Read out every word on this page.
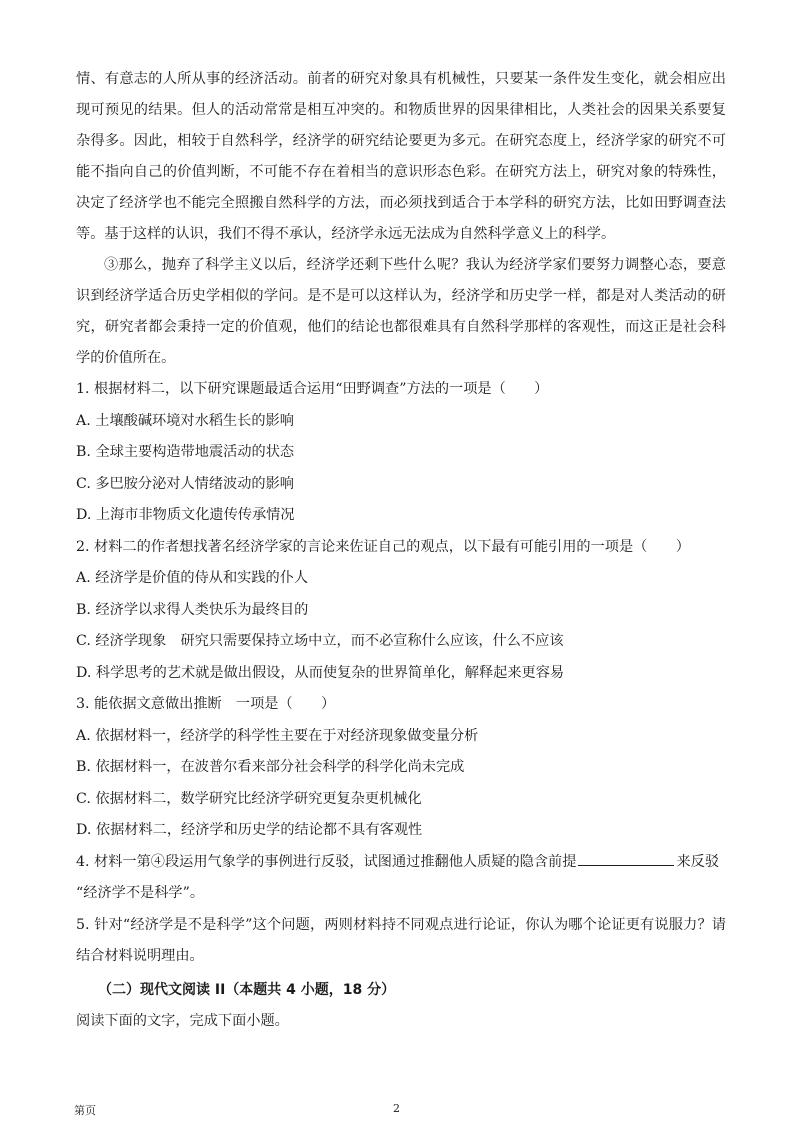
情、有意志的人所从事的经济活动。前者的研究对象具有机械性，只要某一条件发生变化，就会相应出现可预见的结果。但人的活动常常是相互冲突的。和物质世界的因果律相比，人类社会的因果关系要复杂得多。因此，相较于自然科学，经济学的研究结论要更为多元。在研究态度上，经济学家的研究不可能不指向自己的价值判断，不可能不存在着相当的意识形态色彩。在研究方法上，研究对象的特殊性，决定了经济学也不能完全照搬自然科学的方法，而必须找到适合于本学科的研究方法，比如田野调查法等。基于这样的认识，我们不得不承认，经济学永远无法成为自然科学意义上的科学。

③那么，抛弃了科学主义以后，经济学还剩下些什么呢？我认为经济学家们要努力调整心态，要意识到经济学适合历史学相似的学问。是不是可以这样认为，经济学和历史学一样，都是对人类活动的研究，研究者都会秉持一定的价值观，他们的结论也都很难具有自然科学那样的客观性，而这正是社会科学的价值所在。

1. 根据材料二，以下研究课题最适合运用“田野调查”方法的一项是（　　）

A. 土壤酸碱环境对水稻生长的影响

B. 全球主要构造带地震活动的状态

C. 多巴胺分泌对人情绪波动的影响

D. 上海市非物质文化遗传传承情况

2. 材料二的作者想找著名经济学家的言论来佐证自己的观点，以下最有可能引用的一项是（　　）

A. 经济学是价值的侍从和实践的仆人

B. 经济学以求得人类快乐为最终目的

C. 经济学现象　研究只需要保持立场中立，而不必宣称什么应该，什么不应该

D. 科学思考的艺术就是做出假设，从而使复杂的世界简单化，解释起来更容易

3. 能依据文意做出推断　一项是（　　）

A. 依据材料一，经济学的科学性主要在于对经济现象做变量分析

B. 依据材料一，在波普尔看来部分社会科学的科学化尚未完成

C. 依据材料二，数学研究比经济学研究更复杂更机械化

D. 依据材料二，经济学和历史学的结论都不具有客观性

4. 材料一第④段运用气象学的事例进行反驳，试图通过推翻他人质疑的隐含前提	来反驳

“经济学不是科学”。

5. 针对“经济学是不是科学”这个问题，两则材料持不同观点进行论证，你认为哪个论证更有说服力？请结合材料说明理由。

（二）现代文阅读 II（本题共 4 小题，18 分）

阅读下面的文字，完成下面小题。

第页	2
